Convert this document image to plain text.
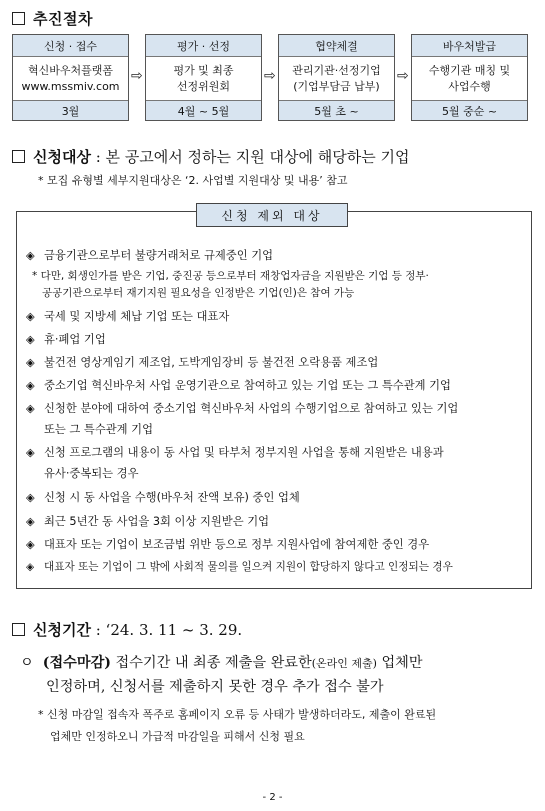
추진절차
신청 · 접수
혁신바우처플랫폼
www.mssmiv.com
3월
⇨
평가 · 선정
평가 및 최종
선정위원회
4월 ~ 5월
⇨
협약체결
관리기관·선정기업
(기업부담금 납부)
5월 초 ~
⇨
바우처발급
수행기관 매칭 및
사업수행
5월 중순 ~
신청대상 : 본 공고에서 정하는 지원 대상에 해당하는 기업
* 모집 유형별 세부지원대상은 ‘2. 사업별 지원대상 및 내용’ 참고
신청 제외 대상
◈ 금융기관으로부터 불량거래처로 규제중인 기업
* 다만, 회생인가를 받은 기업, 중진공 등으로부터 재창업자금을 지원받은 기업 등 정부·
공공기관으로부터 재기지원 필요성을 인정받은 기업(인)은 참여 가능
◈ 국세 및 지방세 체납 기업 또는 대표자
◈ 휴·폐업 기업
◈ 불건전 영상게임기 제조업, 도박게임장비 등 불건전 오락용품 제조업
◈ 중소기업 혁신바우처 사업 운영기관으로 참여하고 있는 기업 또는 그 특수관계 기업
◈ 신청한 분야에 대하여 중소기업 혁신바우처 사업의 수행기업으로 참여하고 있는 기업
또는 그 특수관계 기업
◈ 신청 프로그램의 내용이 동 사업 및 타부처 정부지원 사업을 통해 지원받은 내용과
유사·중복되는 경우
◈ 신청 시 동 사업을 수행(바우처 잔액 보유) 중인 업체
◈ 최근 5년간 동 사업을 3회 이상 지원받은 기업
◈ 대표자 또는 기업이 보조금법 위반 등으로 정부 지원사업에 참여제한 중인 경우
◈ 대표자 또는 기업이 그 밖에 사회적 물의를 일으켜 지원이 합당하지 않다고 인정되는 경우
신청기간 : ‘24. 3. 11 ~ 3. 29.
ㅇ (접수마감) 접수기간 내 최종 제출을 완료한(온라인 제출) 업체만
인정하며, 신청서를 제출하지 못한 경우 추가 접수 불가
* 신청 마감일 접속자 폭주로 홈페이지 오류 등 사태가 발생하더라도, 제출이 완료된
업체만 인정하오니 가급적 마감일을 피해서 신청 필요
- 2 -
